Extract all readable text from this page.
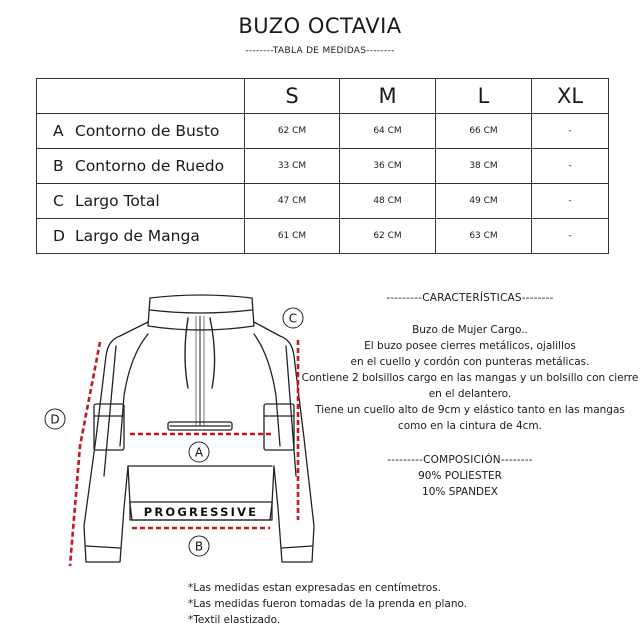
BUZO OCTAVIA
--------TABLA DE MEDIDAS--------
	S	M	L	XL
A Contorno de Busto	62 CM	64 CM	66 CM	-
B Contorno de Ruedo	33 CM	36 CM	38 CM	-
C Largo Total	47 CM	48 CM	49 CM	-
D Largo de Manga	61 CM	62 CM	63 CM	-
PROGRESSIVE
A
B
C
D
---------CARACTERÍSTICAS--------
Buzo de Mujer Cargo..
El buzo posee cierres metálicos, ojalillos
en el cuello y cordón con punteras metálicas.
Contiene 2 bolsillos cargo en las mangas y un bolsillo con cierre
en el delantero.
Tiene un cuello alto de 9cm y elástico tanto en las mangas
como en la cintura de 4cm.
---------COMPOSICIÓN--------
90% POLIESTER
10% SPANDEX
*Las medidas estan expresadas en centímetros.
*Las medidas fueron tomadas de la prenda en plano.
*Textil elastizado.
